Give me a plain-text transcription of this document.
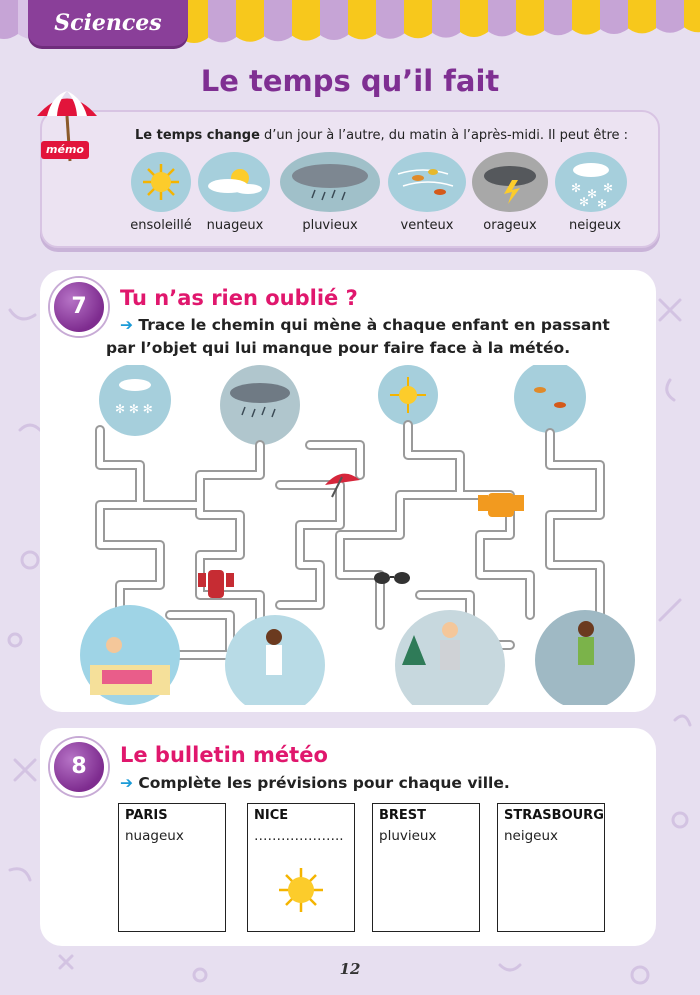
Sciences
Le temps qu’il fait
mémo
Le temps change d’un jour à l’autre, du matin à l’après-midi. Il peut être :
✻ ✻ ✻
✻ ✻
ensoleillé	nuageux	pluvieux	venteux	orageux	neigeux
7	Tu n’as rien oublié ?
➔ Trace le chemin qui mène à chaque enfant en passant
par l’objet qui lui manque pour faire face à la météo.
✻ ✻ ✻
8	Le bulletin météo
➔ Complète les prévisions pour chaque ville.
PARIS
nuageux
NICE
………………..
BREST
pluvieux
STRASBOURG
neigeux
12
